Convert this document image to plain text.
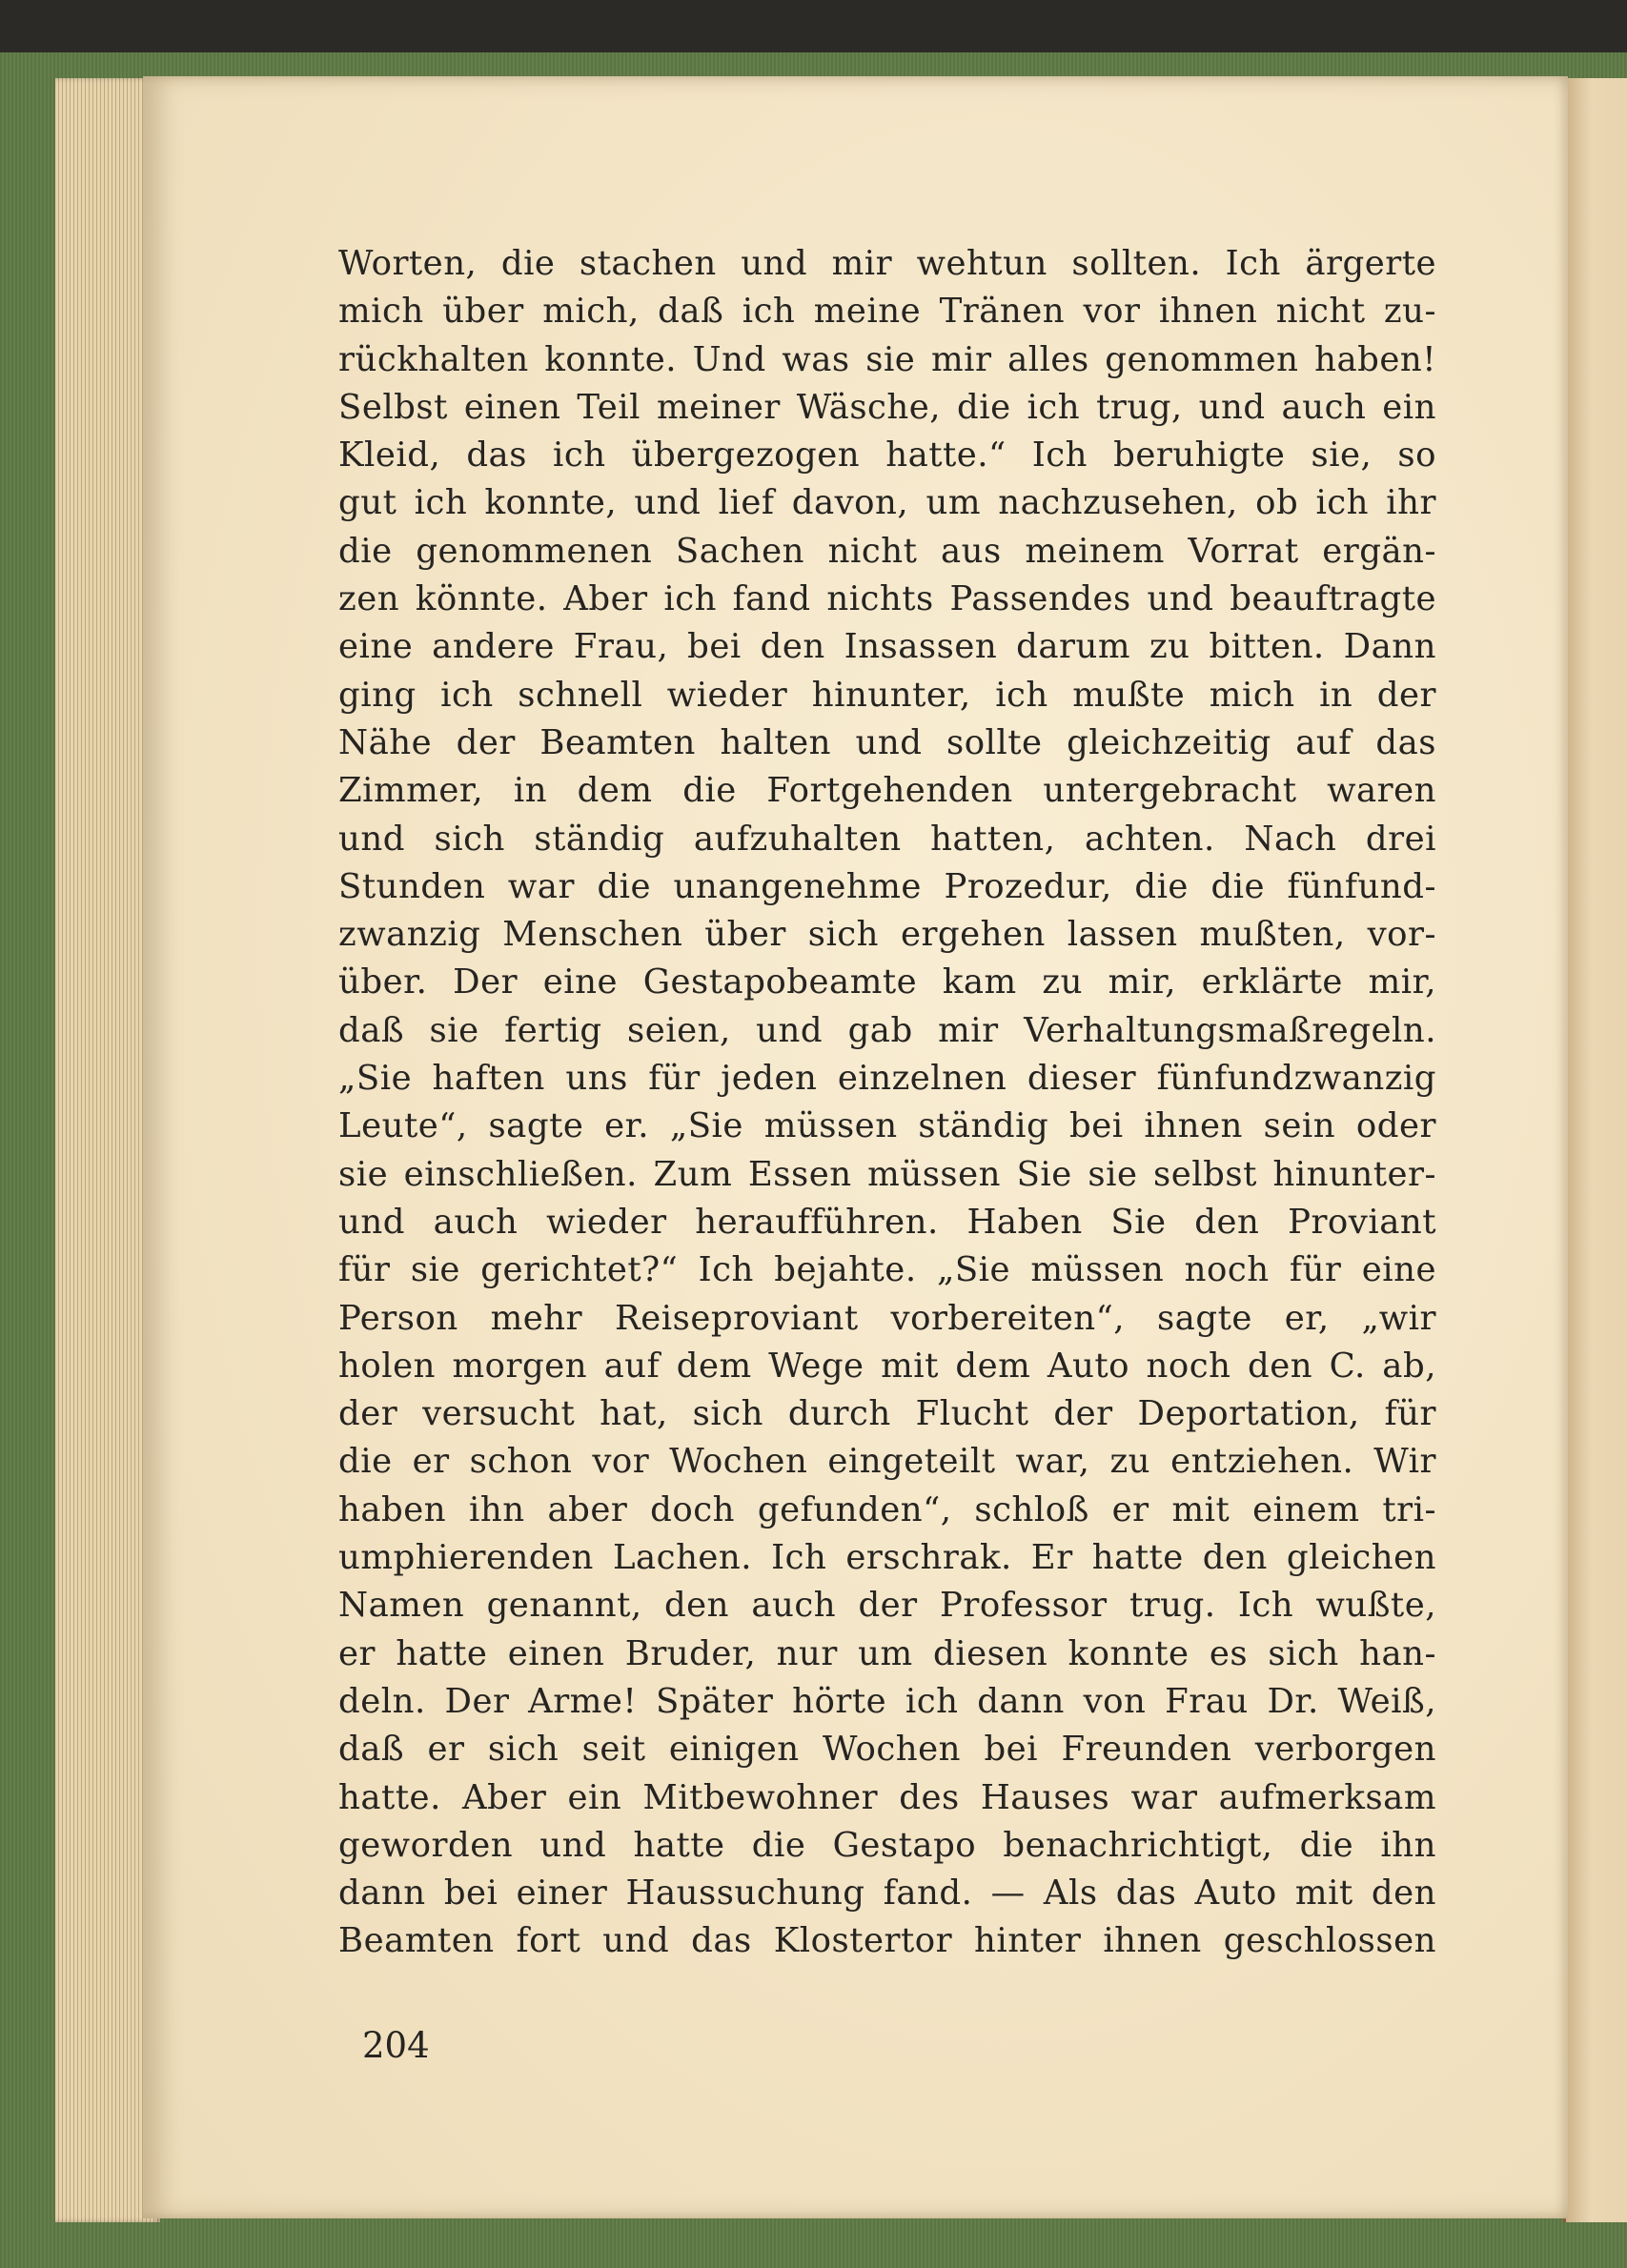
Worten, die stachen und mir wehtun sollten. Ich ärgerte
mich über mich, daß ich meine Tränen vor ihnen nicht zu-
rückhalten konnte. Und was sie mir alles genommen haben!
Selbst einen Teil meiner Wäsche, die ich trug, und auch ein
Kleid, das ich übergezogen hatte.“ Ich beruhigte sie, so
gut ich konnte, und lief davon, um nachzusehen, ob ich ihr
die genommenen Sachen nicht aus meinem Vorrat ergän-
zen könnte. Aber ich fand nichts Passendes und beauftragte
eine andere Frau, bei den Insassen darum zu bitten. Dann
ging ich schnell wieder hinunter, ich mußte mich in der
Nähe der Beamten halten und sollte gleichzeitig auf das
Zimmer, in dem die Fortgehenden untergebracht waren
und sich ständig aufzuhalten hatten, achten. Nach drei
Stunden war die unangenehme Prozedur, die die fünfund-
zwanzig Menschen über sich ergehen lassen mußten, vor-
über. Der eine Gestapobeamte kam zu mir, erklärte mir,
daß sie fertig seien, und gab mir Verhaltungsmaßregeln.
„Sie haften uns für jeden einzelnen dieser fünfundzwanzig
Leute“, sagte er. „Sie müssen ständig bei ihnen sein oder
sie einschließen. Zum Essen müssen Sie sie selbst hinunter-
und auch wieder heraufführen. Haben Sie den Proviant
für sie gerichtet?“ Ich bejahte. „Sie müssen noch für eine
Person mehr Reiseproviant vorbereiten“, sagte er, „wir
holen morgen auf dem Wege mit dem Auto noch den C. ab,
der versucht hat, sich durch Flucht der Deportation, für
die er schon vor Wochen eingeteilt war, zu entziehen. Wir
haben ihn aber doch gefunden“, schloß er mit einem tri-
umphierenden Lachen. Ich erschrak. Er hatte den gleichen
Namen genannt, den auch der Professor trug. Ich wußte,
er hatte einen Bruder, nur um diesen konnte es sich han-
deln. Der Arme! Später hörte ich dann von Frau Dr. Weiß,
daß er sich seit einigen Wochen bei Freunden verborgen
hatte. Aber ein Mitbewohner des Hauses war aufmerksam
geworden und hatte die Gestapo benachrichtigt, die ihn
dann bei einer Haussuchung fand. — Als das Auto mit den
Beamten fort und das Klostertor hinter ihnen geschlossen
204
